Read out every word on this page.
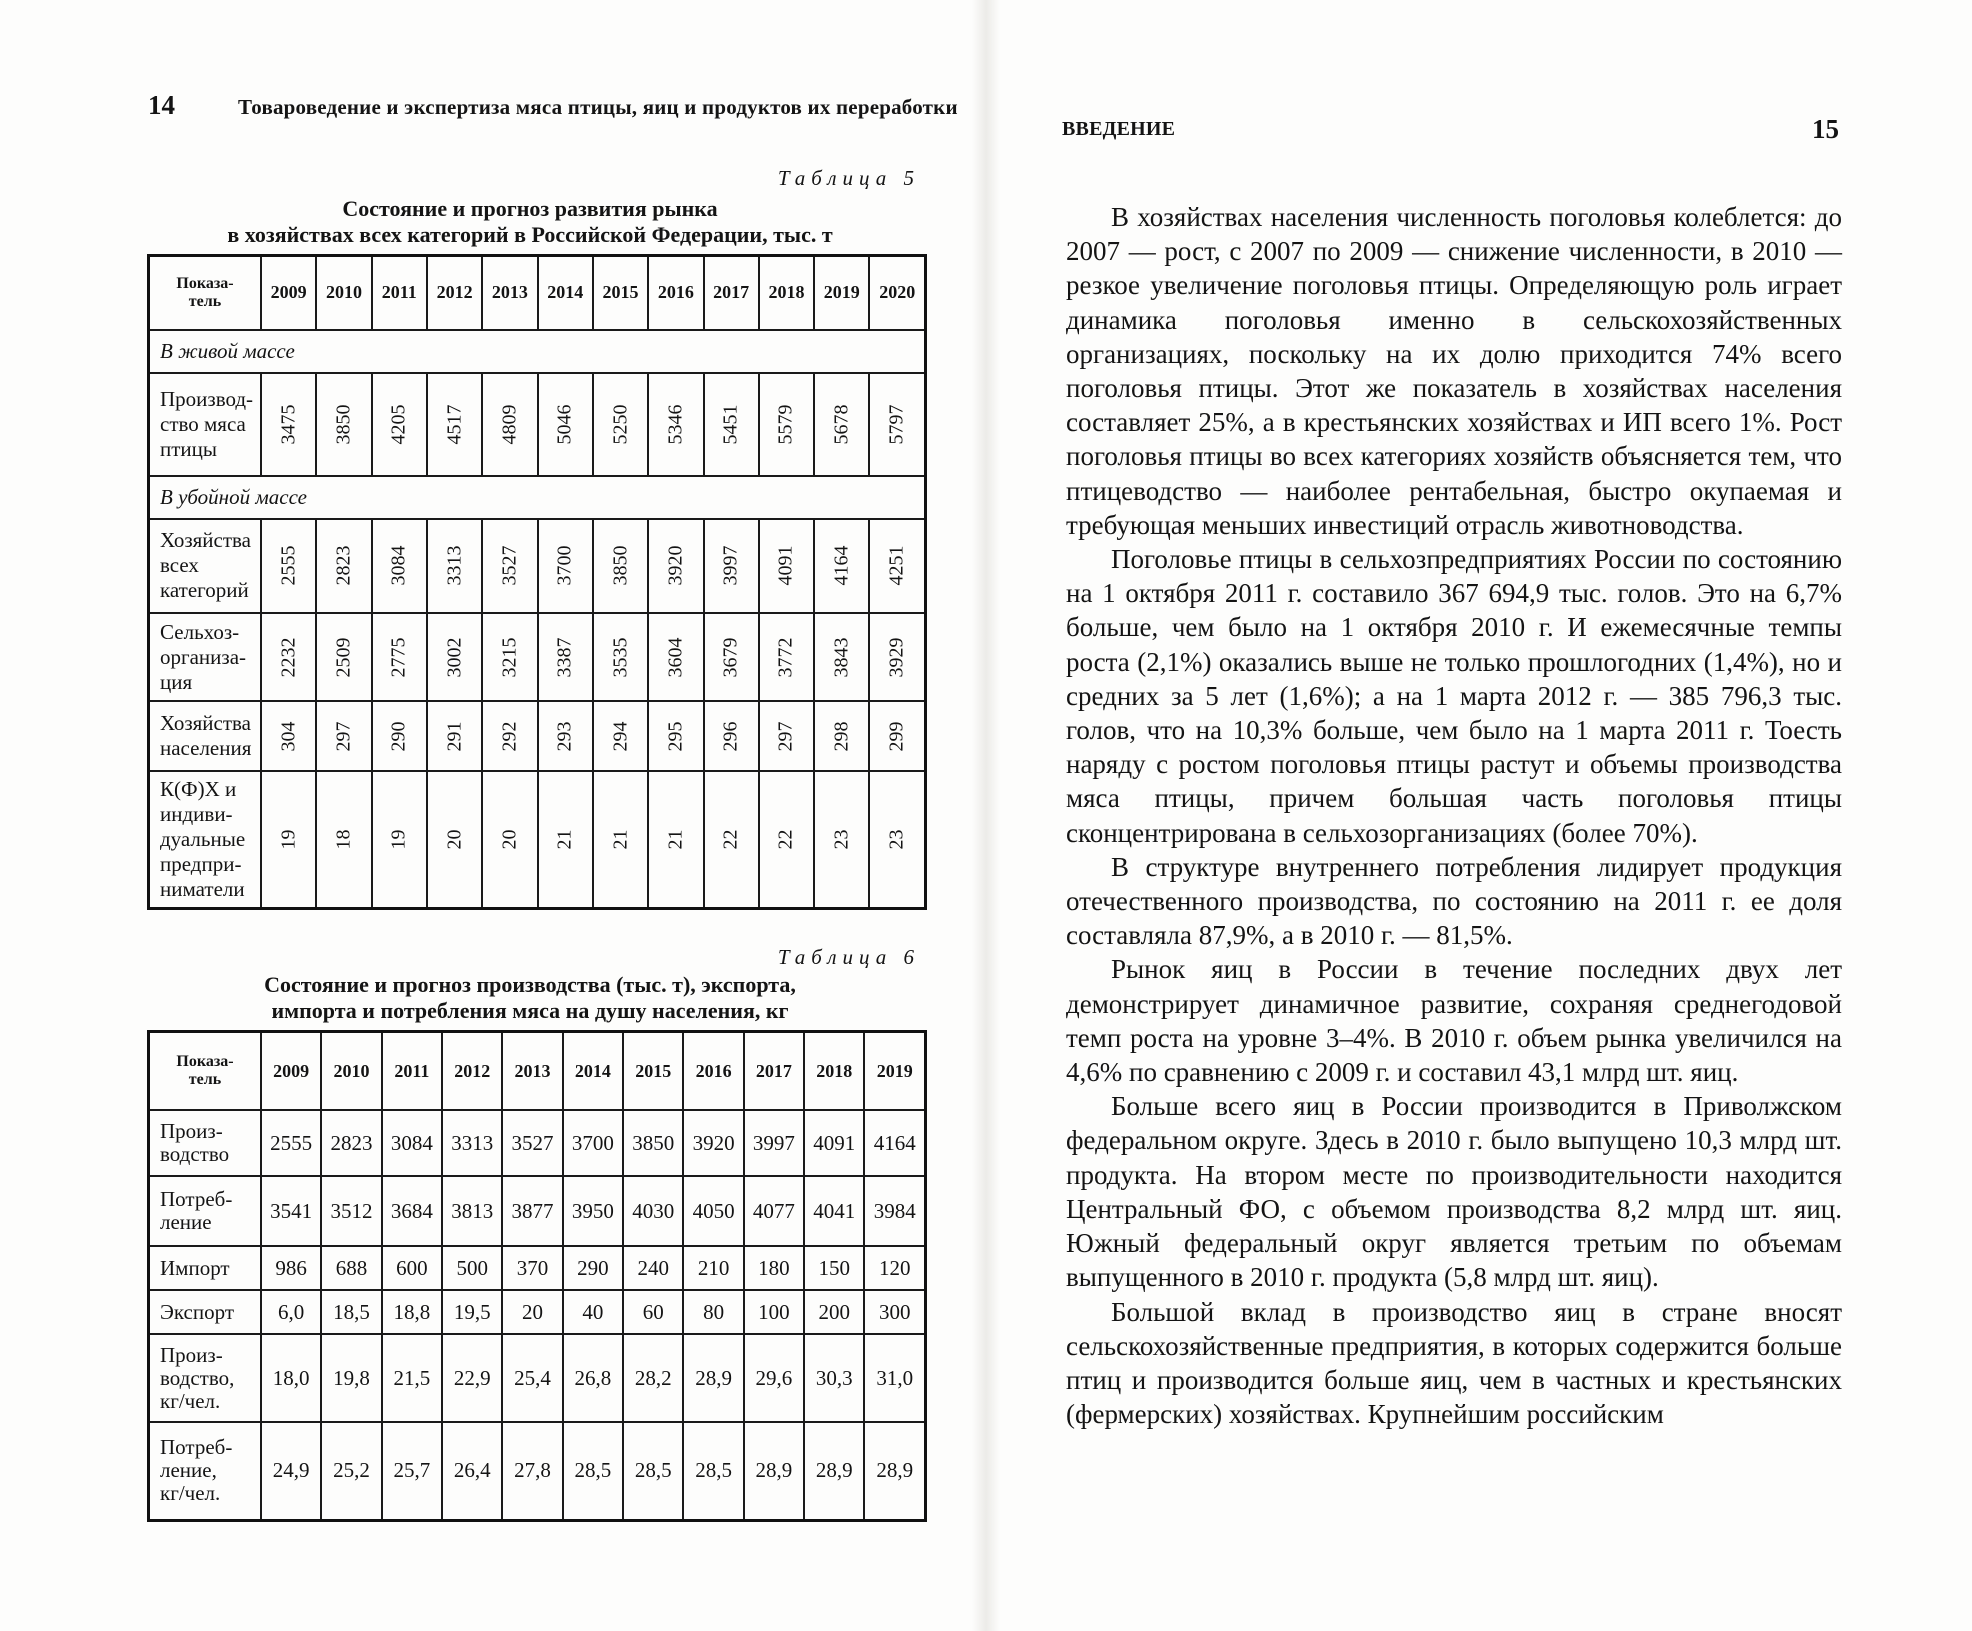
14	Товароведение и экспертиза мяса птицы, яиц и продуктов их переработки
Таблица 5
Состояние и прогноз развития рынка
в хозяйствах всех категорий в Российской Федерации, тыс. т
Показа-
тель	2009	2010	2011	2012	2013	2014	2015	2016	2017	2018	2019	2020
В живой массе												

Производ-
ство мяса
птицы	3475	3850	4205	4517	4809	5046	5250	5346	5451	5579	5678	5797
В убойной массе												

Хозяйства
всех
категорий	2555	2823	3084	3313	3527	3700	3850	3920	3997	4091	4164	4251

Сельхоз-
организа-
ция	2232	2509	2775	3002	3215	3387	3535	3604	3679	3772	3843	3929

Хозяйства
населения	304	297	290	291	292	293	294	295	296	297	298	299

К(Ф)Х и
индиви-
дуальные
предпри-
ниматели	19	18	19	20	20	21	21	21	22	22	23	23
Таблица 6
Состояние и прогноз производства (тыс. т), экспорта,
импорта и потребления мяса на душу населения, кг
Показа-
тель	2009	2010	2011	2012	2013	2014	2015	2016	2017	2018	2019

Произ-
водство	2555	2823	3084	3313	3527	3700	3850	3920	3997	4091	4164

Потреб-
ление	3541	3512	3684	3813	3877	3950	4030	4050	4077	4041	3984

Импорт	986	688	600	500	370	290	240	210	180	150	120

Экспорт	6,0	18,5	18,8	19,5	20	40	60	80	100	200	300

Произ-
водство,
кг/чел.	18,0	19,8	21,5	22,9	25,4	26,8	28,2	28,9	29,6	30,3	31,0

Потреб-
ление,
кг/чел.	24,9	25,2	25,7	26,4	27,8	28,5	28,5	28,5	28,9	28,9	28,9
ВВЕДЕНИЕ	15

В хозяйствах населения численность поголовья колеблется: до 2007 — рост, с 2007 по 2009 — снижение численности, в 2010 — резкое увеличение поголовья птицы. Определяющую роль играет динамика поголовья именно в сельскохозяйственных организациях, поскольку на их долю приходится 74% всего поголовья птицы. Этот же показатель в хозяйствах населения составляет 25%, а в крестьянских хозяйствах и ИП всего 1%. Рост поголовья птицы во всех категориях хозяйств объясняется тем, что птицеводство — наиболее рентабельная, быстро окупаемая и требующая меньших инвестиций отрасль животноводства.

Поголовье птицы в сельхозпредприятиях России по состоянию на 1 октября 2011 г. составило 367 694,9 тыс. голов. Это на 6,7% больше, чем было на 1 октября 2010 г. И ежемесячные темпы роста (2,1%) оказались выше не только прошлогодних (1,4%), но и средних за 5 лет (1,6%); а на 1 марта 2012 г. — 385 796,3 тыс. голов, что на 10,3% больше, чем было на 1 марта 2011 г. Тоесть наряду с ростом поголовья птицы растут и объемы производства мяса птицы, причем большая часть поголовья птицы сконцентрирована в сельхозорганизациях (более 70%).

В структуре внутреннего потребления лидирует продукция отечественного производства, по состоянию на 2011 г. ее доля составляла 87,9%, а в 2010 г. — 81,5%.

Рынок яиц в России в течение последних двух лет демонстрирует динамичное развитие, сохраняя среднегодовой темп роста на уровне 3–4%. В 2010 г. объем рынка увеличился на 4,6% по сравнению с 2009 г. и составил 43,1 млрд шт. яиц.

Больше всего яиц в России производится в Приволжском федеральном округе. Здесь в 2010 г. было выпущено 10,3 млрд шт. продукта. На втором месте по производительности находится Центральный ФО, с объемом производства 8,2 млрд шт. яиц. Южный федеральный округ является третьим по объемам выпущенного в 2010 г. продукта (5,8 млрд шт. яиц).

Большой вклад в производство яиц в стране вносят сельскохозяйственные предприятия, в которых содержится больше птиц и производится больше яиц, чем в частных и крестьянских (фермерских) хозяйствах. Крупнейшим российским
